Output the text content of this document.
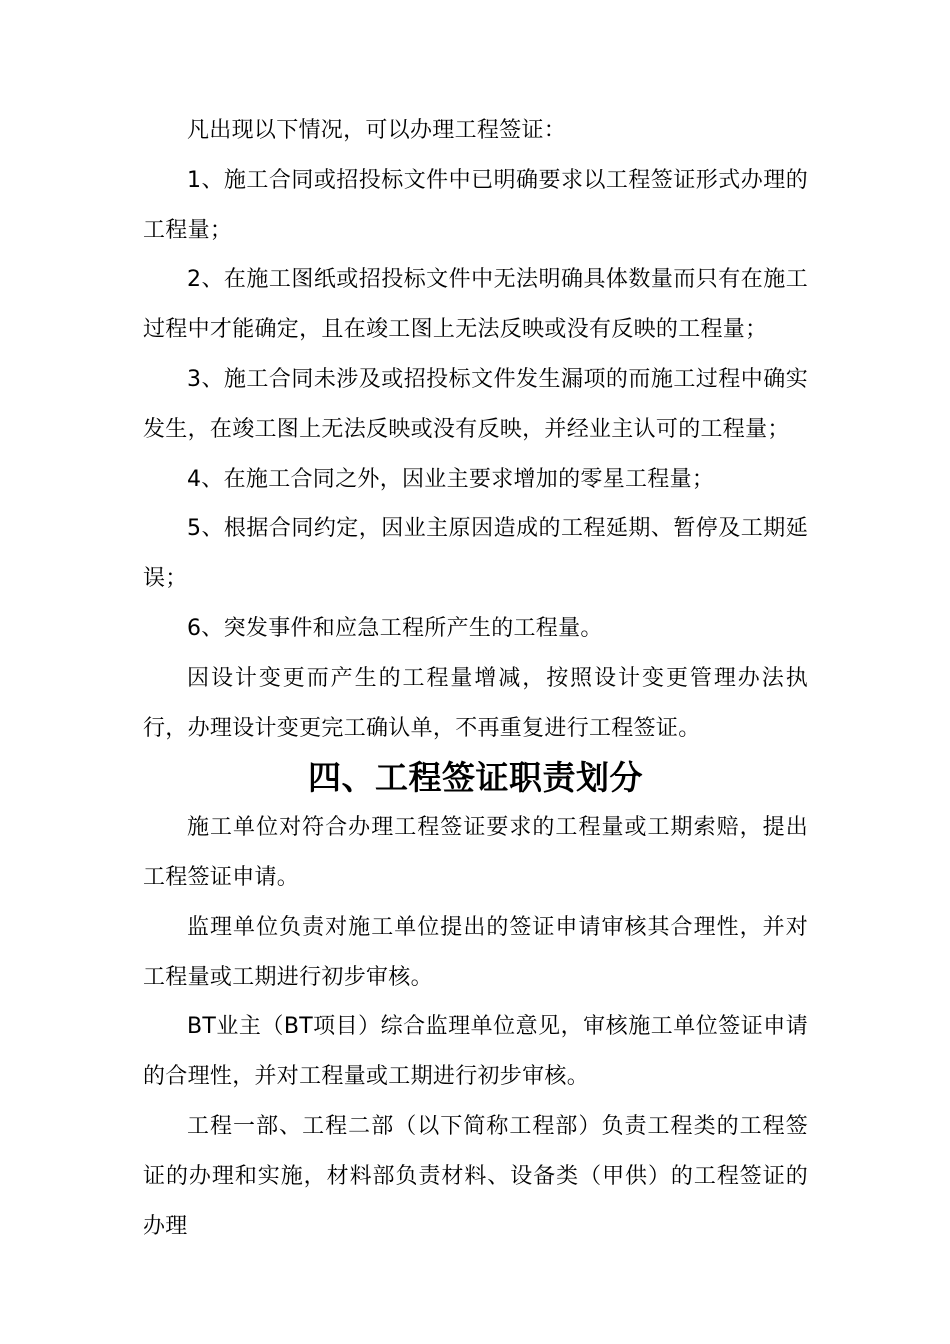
凡出现以下情况，可以办理工程签证：

1、施工合同或招投标文件中已明确要求以工程签证形式办理的工程量；

2、在施工图纸或招投标文件中无法明确具体数量而只有在施工过程中才能确定，且在竣工图上无法反映或没有反映的工程量；

3、施工合同未涉及或招投标文件发生漏项的而施工过程中确实发生，在竣工图上无法反映或没有反映，并经业主认可的工程量；

4、在施工合同之外，因业主要求增加的零星工程量；

5、根据合同约定，因业主原因造成的工程延期、暂停及工期延误；

6、突发事件和应急工程所产生的工程量。

因设计变更而产生的工程量增减，按照设计变更管理办法执行，办理设计变更完工确认单，不再重复进行工程签证。

四、工程签证职责划分

施工单位对符合办理工程签证要求的工程量或工期索赔，提出工程签证申请。

监理单位负责对施工单位提出的签证申请审核其合理性，并对工程量或工期进行初步审核。

BT业主（BT项目）综合监理单位意见，审核施工单位签证申请的合理性，并对工程量或工期进行初步审核。

工程一部、工程二部（以下简称工程部）负责工程类的工程签证的办理和实施，材料部负责材料、设备类（甲供）的工程签证的办理
